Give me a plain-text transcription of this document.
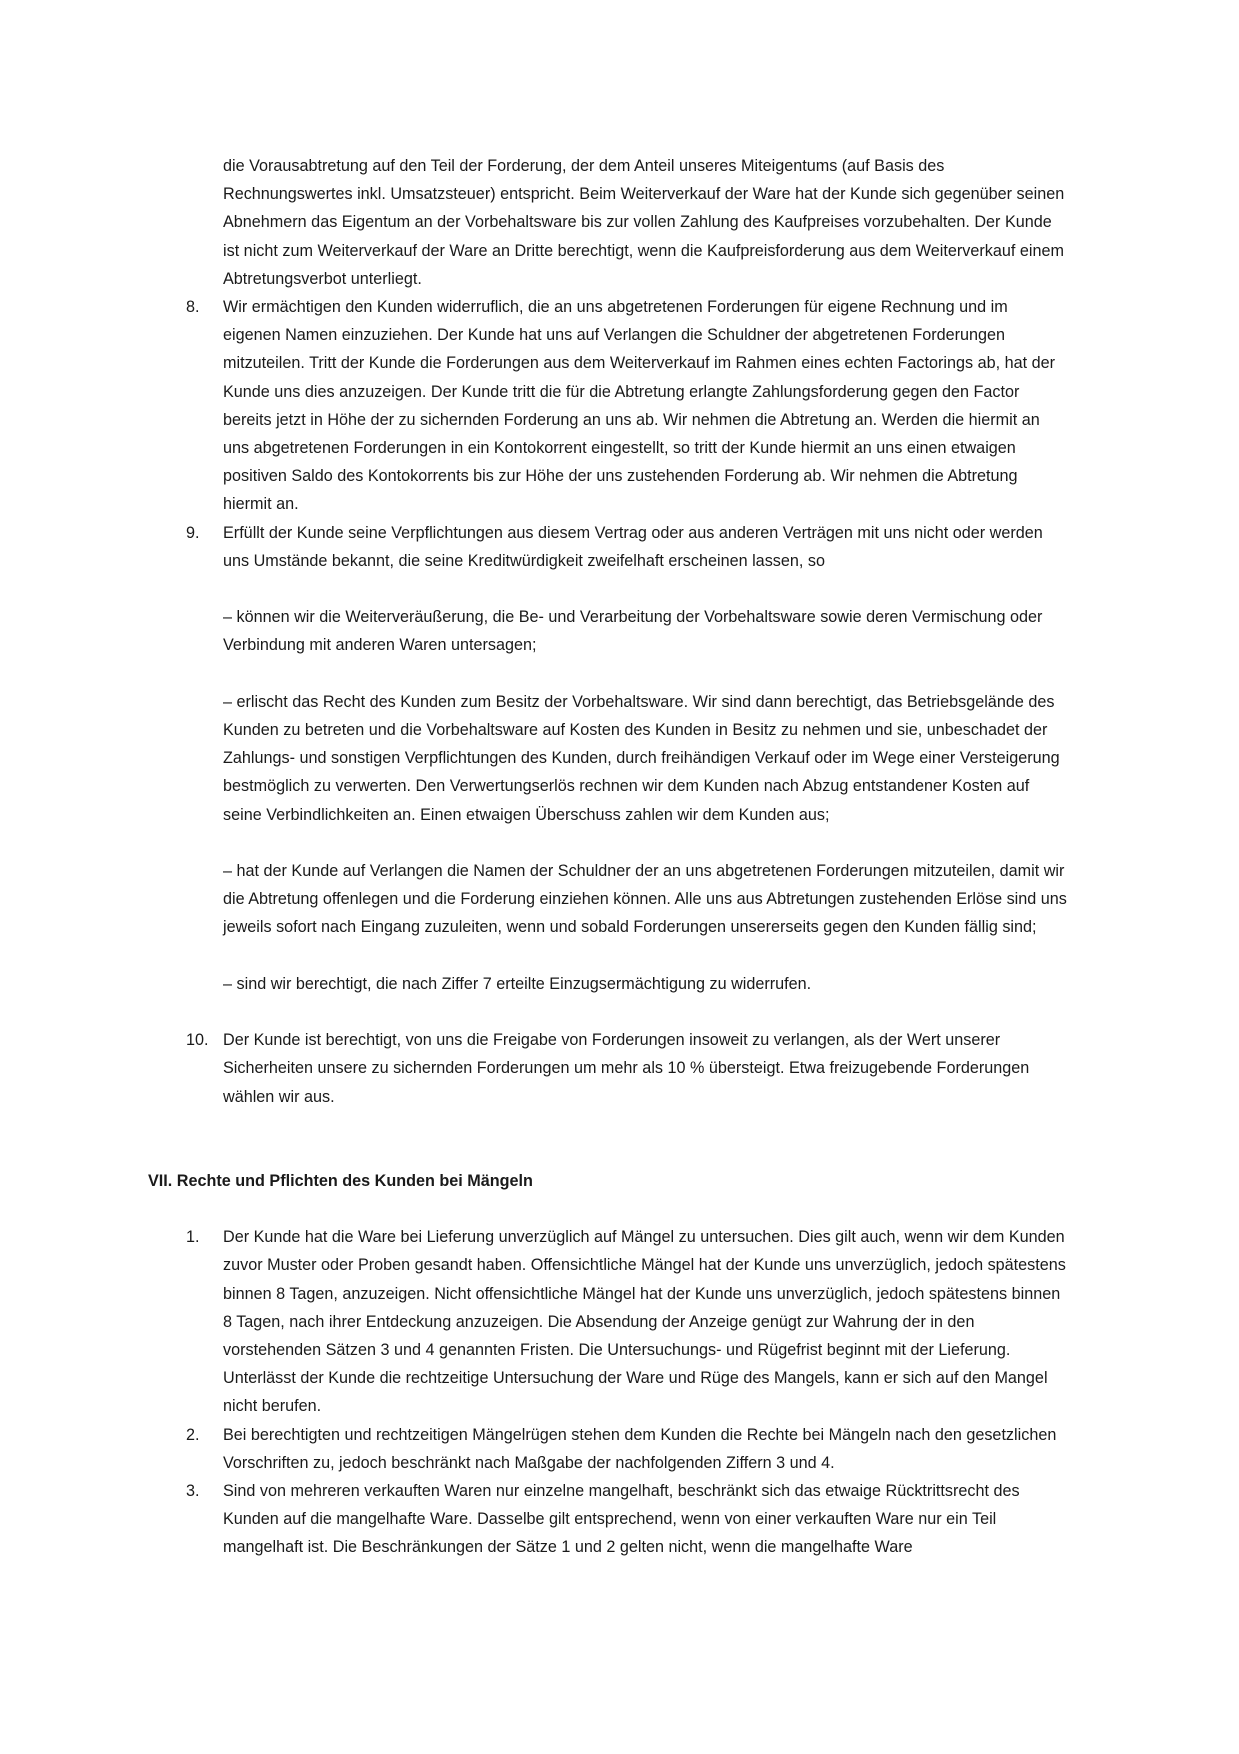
die Vorausabtretung auf den Teil der Forderung, der dem Anteil unseres Miteigentums (auf Basis des Rechnungswertes inkl. Umsatzsteuer) entspricht. Beim Weiterverkauf der Ware hat der Kunde sich gegenüber seinen Abnehmern das Eigentum an der Vorbehaltsware bis zur vollen Zahlung des Kaufpreises vorzubehalten. Der Kunde ist nicht zum Weiterverkauf der Ware an Dritte berechtigt, wenn die Kaufpreisforderung aus dem Weiterverkauf einem Abtretungsverbot unterliegt.

8. Wir ermächtigen den Kunden widerruflich, die an uns abgetretenen Forderungen für eigene Rechnung und im eigenen Namen einzuziehen. Der Kunde hat uns auf Verlangen die Schuldner der abgetretenen Forderungen mitzuteilen. Tritt der Kunde die Forderungen aus dem Weiterverkauf im Rahmen eines echten Factorings ab, hat der Kunde uns dies anzuzeigen. Der Kunde tritt die für die Abtretung erlangte Zahlungsforderung gegen den Factor bereits jetzt in Höhe der zu sichernden Forderung an uns ab. Wir nehmen die Abtretung an. Werden die hiermit an uns abgetretenen Forderungen in ein Kontokorrent eingestellt, so tritt der Kunde hiermit an uns einen etwaigen positiven Saldo des Kontokorrents bis zur Höhe der uns zustehenden Forderung ab. Wir nehmen die Abtretung hiermit an.

9. Erfüllt der Kunde seine Verpflichtungen aus diesem Vertrag oder aus anderen Verträgen mit uns nicht oder werden uns Umstände bekannt, die seine Kreditwürdigkeit zweifelhaft erscheinen lassen, so

– können wir die Weiterveräußerung, die Be- und Verarbeitung der Vorbehaltsware sowie deren Vermischung oder Verbindung mit anderen Waren untersagen;

– erlischt das Recht des Kunden zum Besitz der Vorbehaltsware. Wir sind dann berechtigt, das Betriebsgelände des Kunden zu betreten und die Vorbehaltsware auf Kosten des Kunden in Besitz zu nehmen und sie, unbeschadet der Zahlungs- und sonstigen Verpflichtungen des Kunden, durch freihändigen Verkauf oder im Wege einer Versteigerung bestmöglich zu verwerten. Den Verwertungserlös rechnen wir dem Kunden nach Abzug entstandener Kosten auf seine Verbindlichkeiten an. Einen etwaigen Überschuss zahlen wir dem Kunden aus;

– hat der Kunde auf Verlangen die Namen der Schuldner der an uns abgetretenen Forderungen mitzuteilen, damit wir die Abtretung offenlegen und die Forderung einziehen können. Alle uns aus Abtretungen zustehenden Erlöse sind uns jeweils sofort nach Eingang zuzuleiten, wenn und sobald Forderungen unsererseits gegen den Kunden fällig sind;

– sind wir berechtigt, die nach Ziffer 7 erteilte Einzugsermächtigung zu widerrufen.

10. Der Kunde ist berechtigt, von uns die Freigabe von Forderungen insoweit zu verlangen, als der Wert unserer Sicherheiten unsere zu sichernden Forderungen um mehr als 10 % übersteigt. Etwa freizugebende Forderungen wählen wir aus.

VII. Rechte und Pflichten des Kunden bei Mängeln

1. Der Kunde hat die Ware bei Lieferung unverzüglich auf Mängel zu untersuchen. Dies gilt auch, wenn wir dem Kunden zuvor Muster oder Proben gesandt haben. Offensichtliche Mängel hat der Kunde uns unverzüglich, jedoch spätestens binnen 8 Tagen, anzuzeigen. Nicht offensichtliche Mängel hat der Kunde uns unverzüglich, jedoch spätestens binnen 8 Tagen, nach ihrer Entdeckung anzuzeigen. Die Absendung der Anzeige genügt zur Wahrung der in den vorstehenden Sätzen 3 und 4 genannten Fristen. Die Untersuchungs- und Rügefrist beginnt mit der Lieferung. Unterlässt der Kunde die rechtzeitige Untersuchung der Ware und Rüge des Mangels, kann er sich auf den Mangel nicht berufen.

2. Bei berechtigten und rechtzeitigen Mängelrügen stehen dem Kunden die Rechte bei Mängeln nach den gesetzlichen Vorschriften zu, jedoch beschränkt nach Maßgabe der nachfolgenden Ziffern 3 und 4.

3. Sind von mehreren verkauften Waren nur einzelne mangelhaft, beschränkt sich das etwaige Rücktrittsrecht des Kunden auf die mangelhafte Ware. Dasselbe gilt entsprechend, wenn von einer verkauften Ware nur ein Teil mangelhaft ist. Die Beschränkungen der Sätze 1 und 2 gelten nicht, wenn die mangelhafte Ware
